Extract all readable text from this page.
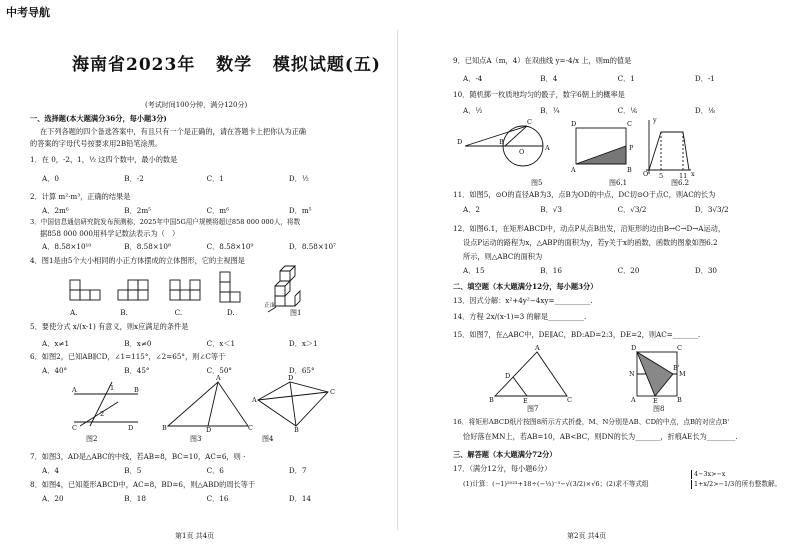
中考导航
海南省2023年   数学   模拟试题(五)
(考试时间100分钟，满分120分)
一、选择题(本大题满分36分，每小题3分)
在下列各题的四个备选答案中，有且只有一个是正确的，请在答题卡上把你认为正确
的答案的字母代号按要求用2B铅笔涂黑。
1．在 0，-2，1，½ 这四个数中，最小的数是
A．0	B．-2	C．1	D．½
2．计算 m²·m³，正确的结果是
A．2m⁶	B．2m⁵	C．m⁶	D．m⁵
3．中国信息通信研究院发布预测称，2025年中国5G用户规模将超过858 000 000人，将数
据858 000 000用科学记数法表示为（　）
A．8.58×10¹⁰	B．8.58×10⁸	C．8.58×10⁹	D．8.58×10⁷
4．图1是由5个大小相同的小正方体摆成的立体图形，它的主视图是
A.	B.	C.	D.
正面
图1
5．要使分式 x/(x-1) 有意义，则x应满足的条件是
A．x≠1	B．x≠0	C．x＜1	D．x＞1
6．如图2，已知AB∥CD，∠1=115°，∠2=65°，则∠C等于
A．40°	B．45°	C．50°	D．65°
A	B
C	D
1
2
B
A
D	C
A
D
C
B
图2	图3	图4
7．如图3，AD是△ABC的中线，若AB=8，BC=10，AC=6，则 ·
A．4	B．5	C．6	D．7
8．如图4，已知菱形ABCD中，AC=8，BD=6，则△ABD的周长等于
A．20	B．18	C．16	D．14
第1页 共4页
9．已知点A（m，4）在双曲线 y=-4/x 上，则m的值是
A．-4	B．4	C．1	D．-1
10．随机掷一枚质地均匀的骰子，数字6朝上的概率是
A．½	B．¼	C．⅙	D．⅛
D	B
O	A
C	D	C
A	B
P
y
x
O 5 11
图5	图6.1	图6.2
11．如图5，⊙O的直径AB为3，点B为OD的中点，DC切⊙O于点C，则AC的长为
A．2	B．√3	C．√3/2	D．3√3/2
12．如图6.1，在矩形ABCD中，动点P从点B出发，沿矩形的边由B→C→D→A运动，
设点P运动的路程为x，△ABP的面积为y，若y关于x的函数，函数的图象如图6.2
所示，则△ABC的面积为
A．15	B．16	C．20	D．30
二、填空题（本大题满分12分，每小题3分）
13．因式分解：x²+4y²−4xy=__________.
14．方程 2x/(x-1)=3 的解是__________.
15．如图7，在△ABC中，DE∥AC，BD:AD=2:3，DE=2，则AC=_______.
A
B	C
D
E
D	C
A	B
N	M
B'
E
图7	图8
16．将矩形ABCD纸片按图8所示方式折叠，M、N分别是AB、CD的中点，点B的对应点B'
恰好落在MN上，若AB=10，AB<BC，则DN的长为_______，折痕AE长为________.
三、解答题（本大题满分72分）
17．（满分12分，每小题6分）
(1)计算：(−1)²⁰²³+18÷(−⅓)⁻³−√(3/2)×√6；(2)求不等式组
4−3x>−x
1+x/2>−1/3 的所有整数解。
第2页 共4页
